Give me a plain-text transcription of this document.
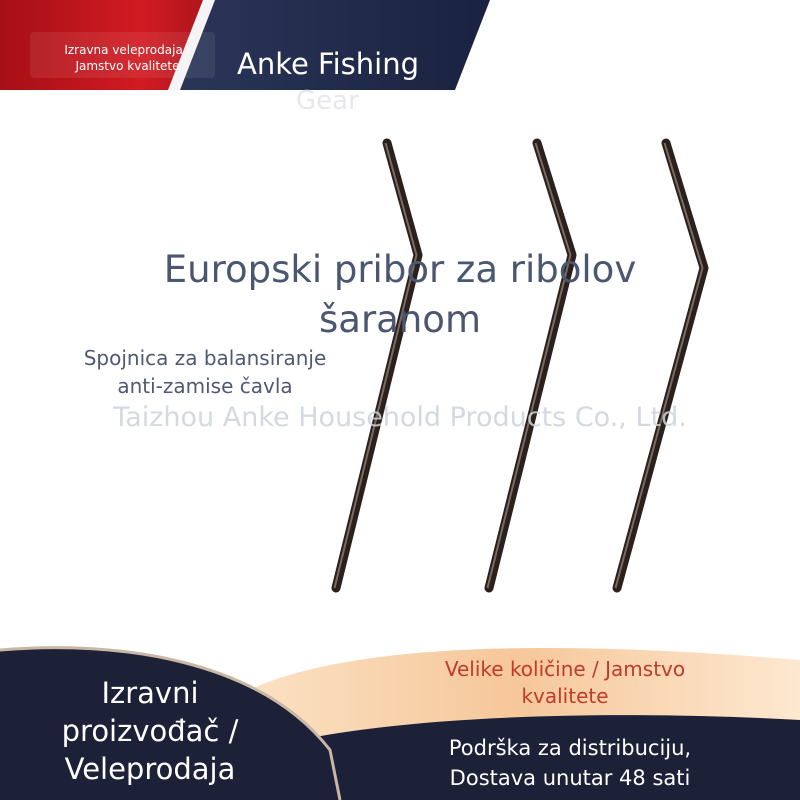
Izravna veleprodaja /
Jamstvo kvalitete	Anke Fishing
Gear
Europski pribor za ribolov
šaranom
Spojnica za balansiranje
anti-zamise čavla
Taizhou Anke Household Products Co., Ltd.
Izravni
proizvođač /
Veleprodaja
Velike količine / Jamstvo
kvalitete
Podrška za distribuciju,
Dostava unutar 48 sati
